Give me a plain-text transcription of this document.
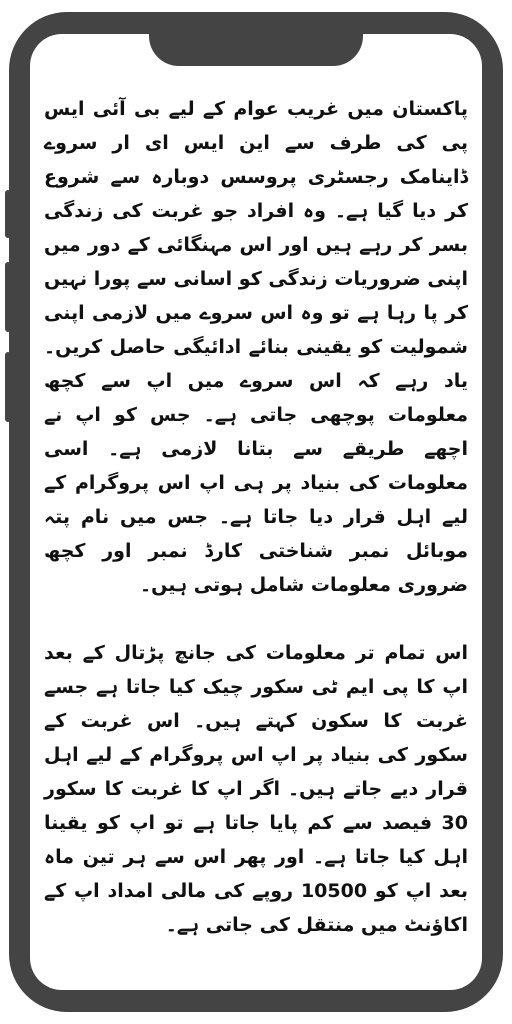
پاکستان میں غریب عوام کے لیے بی آئی ایس پی کی طرف سے این ایس ای ار سروے ڈاینامک رجسٹری پروسس دوبارہ سے شروع کر دیا گیا ہے۔ وہ افراد جو غربت کی زندگی بسر کر رہے ہیں اور اس مہنگائی کے دور میں اپنی ضروریات زندگی کو اسانی سے پورا نہیں کر پا رہا ہے تو وہ اس سروے میں لازمی اپنی شمولیت کو یقینی بنائے ادائیگی حاصل کریں۔ یاد رہے کہ اس سروے میں اپ سے کچھ معلومات پوچھی جاتی ہے۔ جس کو اپ نے اچھے طریقے سے بتانا لازمی ہے۔ اسی معلومات کی بنیاد پر ہی اپ اس پروگرام کے لیے اہل قرار دیا جاتا ہے۔ جس میں نام پتہ موبائل نمبر شناختی کارڈ نمبر اور کچھ ضروری معلومات شامل ہوتی ہیں۔

اس تمام تر معلومات کی جانچ پڑتال کے بعد اپ کا پی ایم ٹی سکور چیک کیا جاتا ہے جسے غربت کا سکون کہتے ہیں۔ اس غربت کے سکور کی بنیاد پر اپ اس پروگرام کے لیے اہل قرار دیے جاتے ہیں۔ اگر اپ کا غربت کا سکور 30 فیصد سے کم پایا جاتا ہے تو اپ کو یقینا اہل کیا جاتا ہے۔ اور پھر اس سے ہر تین ماہ بعد اپ کو 10500 روپے کی مالی امداد اپ کے اکاؤنٹ میں منتقل کی جاتی ہے۔
